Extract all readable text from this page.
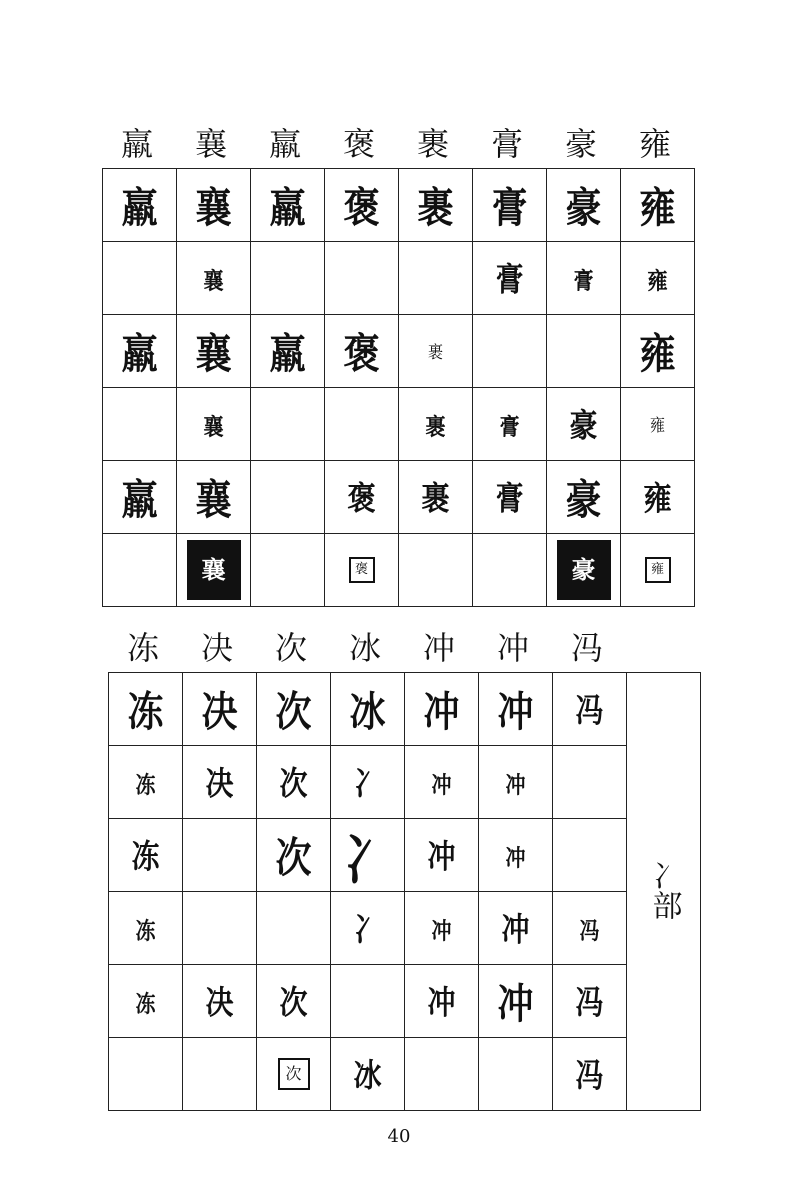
羸	襄	羸	褒	裹	膏	豪	雍
羸	襄	羸	褒	裹	膏	豪	雍
	襄				膏	膏	雍
羸	襄	羸	褒	裹			雍
	襄			裹	膏	豪	雍
羸	襄		褒	裹	膏	豪	雍
	襄		褒			豪	雍
冻	决	次	冰	冲	冲	冯
冻	决	次	冰	冲	冲	冯	冫部
冻	决	次	冫	冲	冲		
冻		次	冫	冲	冲		
冻			冫	冲	冲	冯	
冻	决	次		冲	冲	冯	
		次	冰			冯	
40
